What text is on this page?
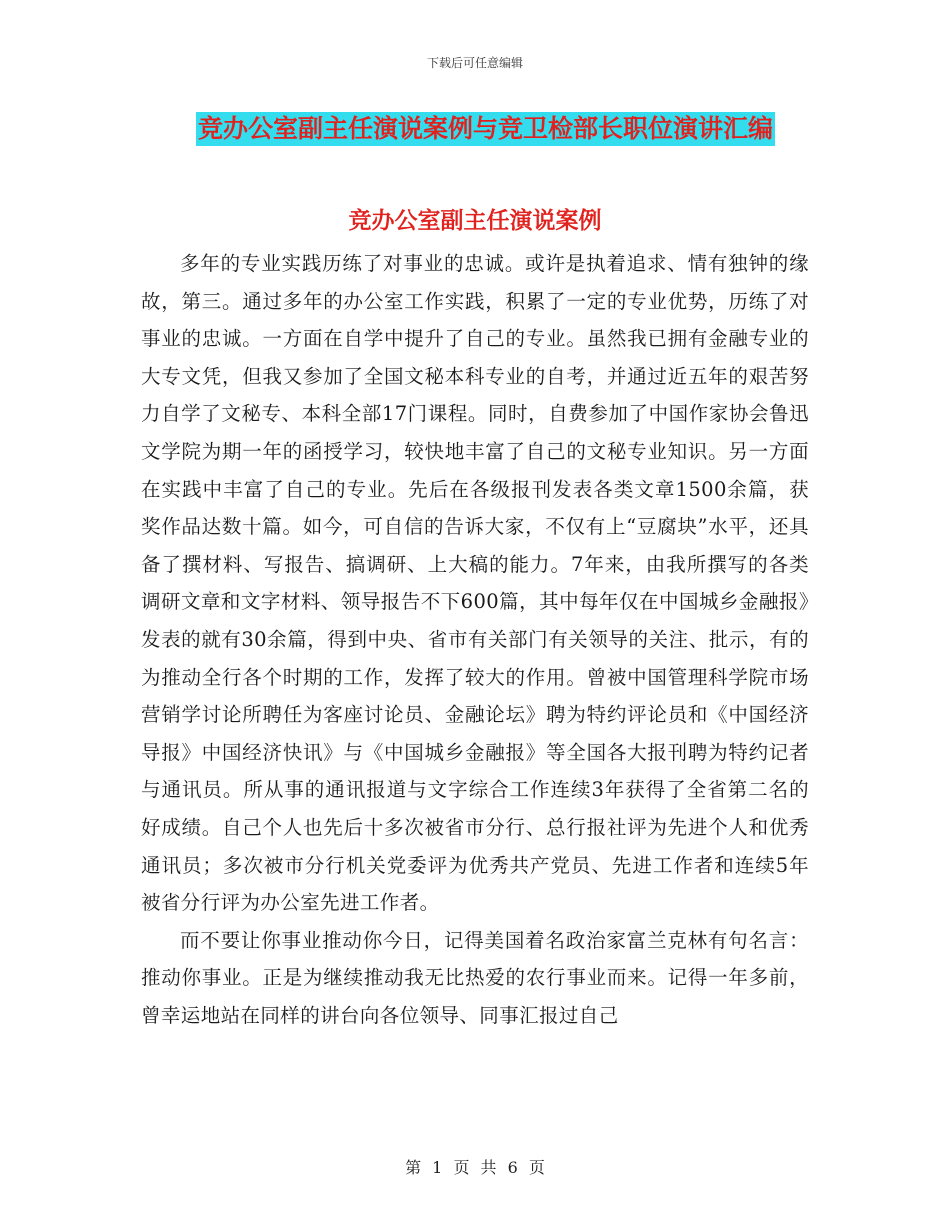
下载后可任意编辑
竞办公室副主任演说案例与竞卫检部长职位演讲汇编
竞办公室副主任演说案例

多年的专业实践历练了对事业的忠诚。或许是执着追求、情有独钟的缘故，第三。通过多年的办公室工作实践，积累了一定的专业优势，历练了对事业的忠诚。一方面在自学中提升了自己的专业。虽然我已拥有金融专业的大专文凭，但我又参加了全国文秘本科专业的自考，并通过近五年的艰苦努力自学了文秘专、本科全部17门课程。同时，自费参加了中国作家协会鲁迅文学院为期一年的函授学习，较快地丰富了自己的文秘专业知识。另一方面在实践中丰富了自己的专业。先后在各级报刊发表各类文章1500余篇，获奖作品达数十篇。如今，可自信的告诉大家，不仅有上“豆腐块”水平，还具备了撰材料、写报告、搞调研、上大稿的能力。7年来，由我所撰写的各类调研文章和文字材料、领导报告不下600篇，其中每年仅在中国城乡金融报》发表的就有30余篇，得到中央、省市有关部门有关领导的关注、批示，有的为推动全行各个时期的工作，发挥了较大的作用。曾被中国管理科学院市场营销学讨论所聘任为客座讨论员、金融论坛》聘为特约评论员和《中国经济导报》中国经济快讯》与《中国城乡金融报》等全国各大报刊聘为特约记者与通讯员。所从事的通讯报道与文字综合工作连续3年获得了全省第二名的好成绩。自己个人也先后十多次被省市分行、总行报社评为先进个人和优秀通讯员；多次被市分行机关党委评为优秀共产党员、先进工作者和连续5年被省分行评为办公室先进工作者。

而不要让你事业推动你今日，记得美国着名政治家富兰克林有句名言：推动你事业。正是为继续推动我无比热爱的农行事业而来。记得一年多前，曾幸运地站在同样的讲台向各位领导、同事汇报过自己

第 1 页 共 6 页
